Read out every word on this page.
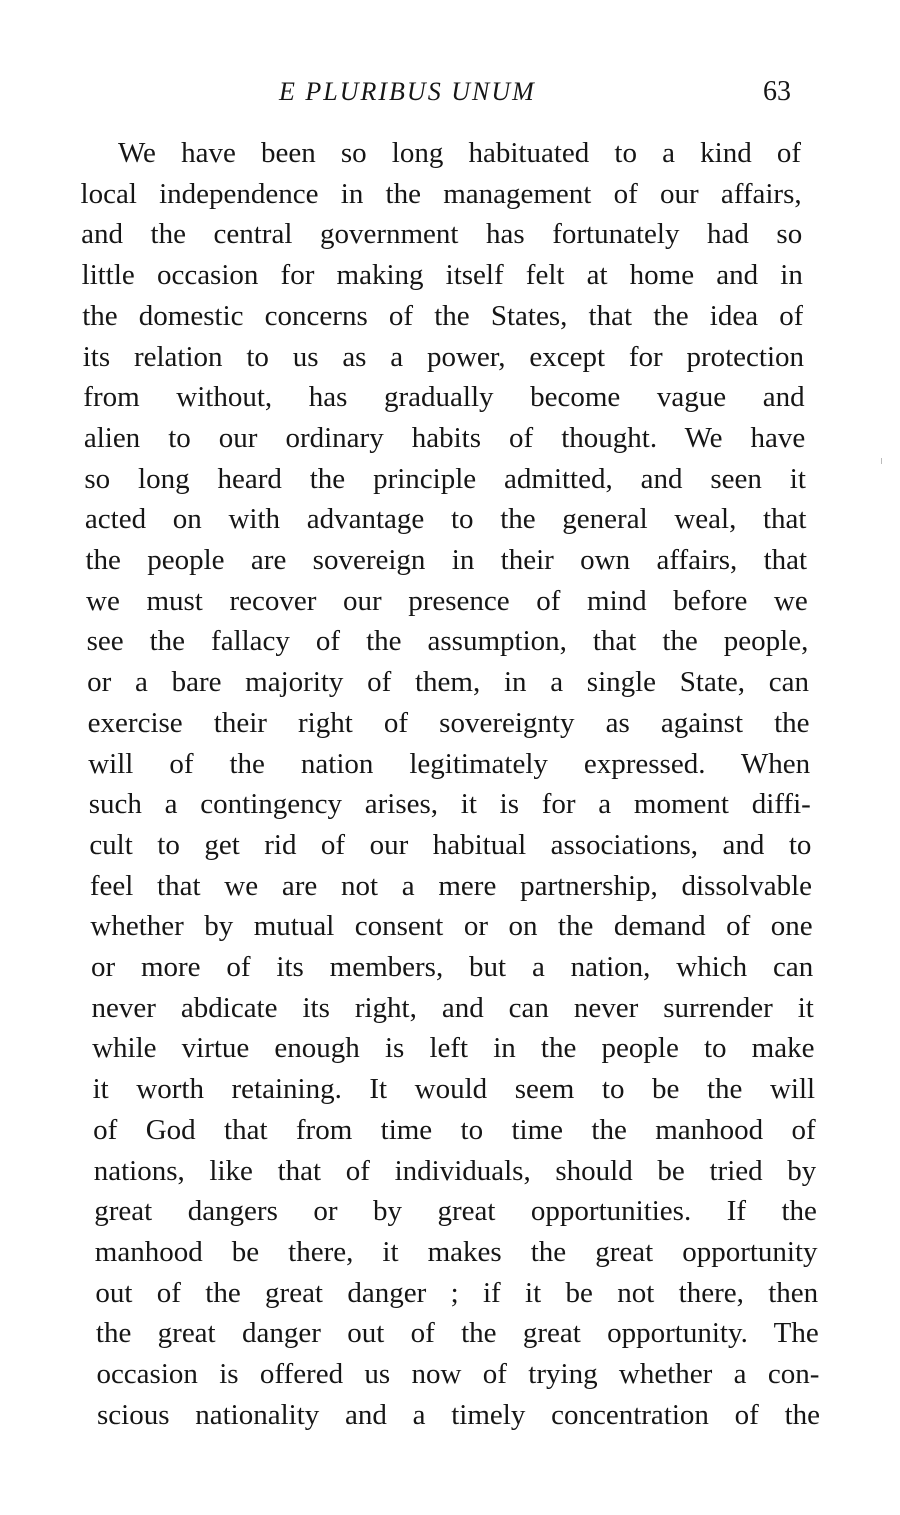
E PLURIBUS UNUM	63
We have been so long habituated to a kind of
local independence in the management of our affairs,
and the central government has fortunately had so
little occasion for making itself felt at home and in
the domestic concerns of the States, that the idea of
its relation to us as a power, except for protection
from without, has gradually become vague and
alien to our ordinary habits of thought. We have
so long heard the principle admitted, and seen it
acted on with advantage to the general weal, that
the people are sovereign in their own affairs, that
we must recover our presence of mind before we
see the fallacy of the assumption, that the people,
or a bare majority of them, in a single State, can
exercise their right of sovereignty as against the
will of the nation legitimately expressed. When
such a contingency arises, it is for a moment diffi-
cult to get rid of our habitual associations, and to
feel that we are not a mere partnership, dissolvable
whether by mutual consent or on the demand of one
or more of its members, but a nation, which can
never abdicate its right, and can never surrender it
while virtue enough is left in the people to make
it worth retaining. It would seem to be the will
of God that from time to time the manhood of
nations, like that of individuals, should be tried by
great dangers or by great opportunities. If the
manhood be there, it makes the great opportunity
out of the great danger ; if it be not there, then
the great danger out of the great opportunity. The
occasion is offered us now of trying whether a con-
scious nationality and a timely concentration of the
